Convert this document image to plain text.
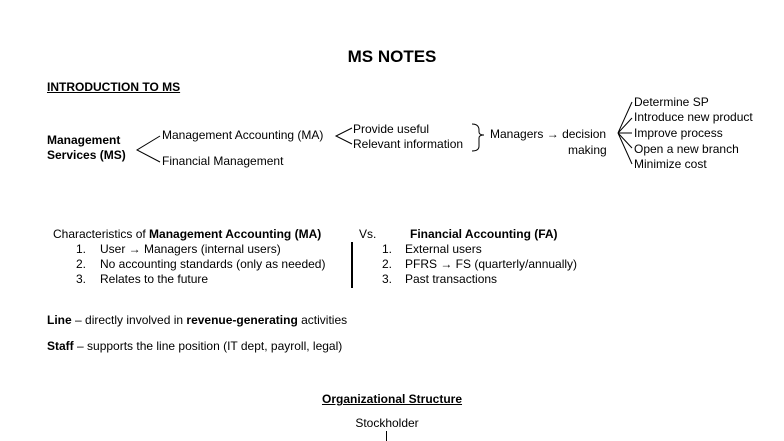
MS NOTES
INTRODUCTION TO MS
Management
Services (MS)
Management Accounting (MA)
Financial Management
Provide useful
Relevant information
Managers → decision
making
Determine SP
Introduce new product
Improve process
Open a new branch
Minimize cost
Characteristics of Management Accounting (MA)	Vs.	Financial Accounting (FA)
1. User → Managers (internal users)
2. No accounting standards (only as needed)
3. Relates to the future
1. External users
2. PFRS → FS (quarterly/annually)
3. Past transactions
Line – directly involved in revenue-generating activities
Staff – supports the line position (IT dept, payroll, legal)
Organizational Structure
Stockholder
